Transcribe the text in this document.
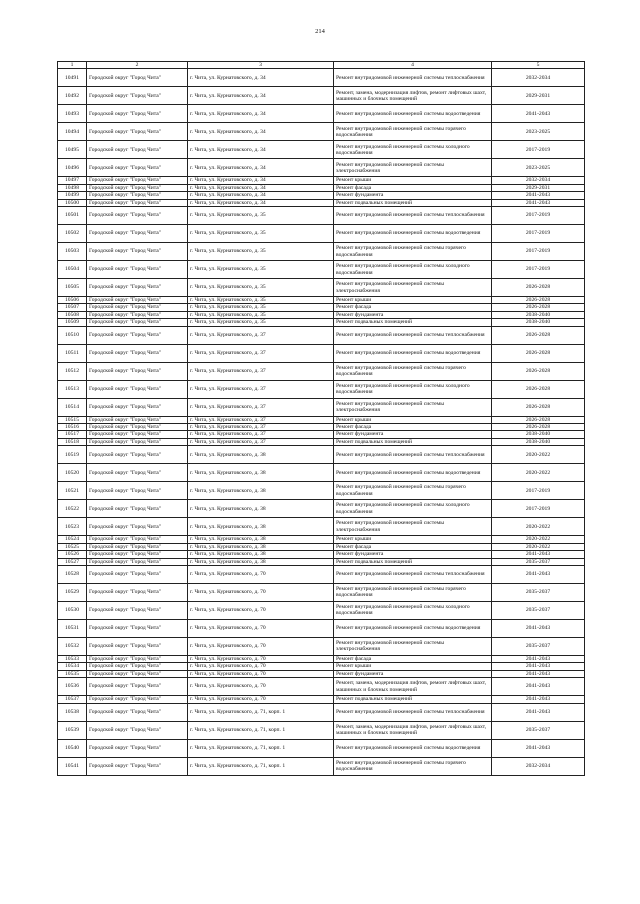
214
1	2	3	4	5
10491	Городской округ "Город Чита"	г. Чита, ул. Курнатовского, д. 34	Ремонт внутридомовой инженерной системы теплоснабжения	2032-2034
10492	Городской округ "Город Чита"	г. Чита, ул. Курнатовского, д. 34	Ремонт, замена, модернизация лифтов, ремонт лифтовых шахт, машинных и блочных помещений	2029-2031
10493	Городской округ "Город Чита"	г. Чита, ул. Курнатовского, д. 34	Ремонт внутридомовой инженерной системы водоотведения	2041-2043
10494	Городской округ "Город Чита"	г. Чита, ул. Курнатовского, д. 34	Ремонт внутридомовой инженерной системы горячего водоснабжения	2023-2025
10495	Городской округ "Город Чита"	г. Чита, ул. Курнатовского, д. 34	Ремонт внутридомовой инженерной системы холодного водоснабжения	2017-2019
10496	Городской округ "Город Чита"	г. Чита, ул. Курнатовского, д. 34	Ремонт внутридомовой инженерной системы электроснабжения	2023-2025
10497	Городской округ "Город Чита"	г. Чита, ул. Курнатовского, д. 34	Ремонт крыши	2032-2034
10498	Городской округ "Город Чита"	г. Чита, ул. Курнатовского, д. 34	Ремонт фасада	2029-2031
10499	Городской округ "Город Чита"	г. Чита, ул. Курнатовского, д. 34	Ремонт фундамента	2041-2043
10500	Городской округ "Город Чита"	г. Чита, ул. Курнатовского, д. 34	Ремонт подвальных помещений	2041-2043
10501	Городской округ "Город Чита"	г. Чита, ул. Курнатовского, д. 35	Ремонт внутридомовой инженерной системы теплоснабжения	2017-2019
10502	Городской округ "Город Чита"	г. Чита, ул. Курнатовского, д. 35	Ремонт внутридомовой инженерной системы водоотведения	2017-2019
10503	Городской округ "Город Чита"	г. Чита, ул. Курнатовского, д. 35	Ремонт внутридомовой инженерной системы горячего водоснабжения	2017-2019
10504	Городской округ "Город Чита"	г. Чита, ул. Курнатовского, д. 35	Ремонт внутридомовой инженерной системы холодного водоснабжения	2017-2019
10505	Городской округ "Город Чита"	г. Чита, ул. Курнатовского, д. 35	Ремонт внутридомовой инженерной системы электроснабжения	2026-2028
10506	Городской округ "Город Чита"	г. Чита, ул. Курнатовского, д. 35	Ремонт крыши	2026-2028
10507	Городской округ "Город Чита"	г. Чита, ул. Курнатовского, д. 35	Ремонт фасада	2026-2028
10508	Городской округ "Город Чита"	г. Чита, ул. Курнатовского, д. 35	Ремонт фундамента	2038-2040
10509	Городской округ "Город Чита"	г. Чита, ул. Курнатовского, д. 35	Ремонт подвальных помещений	2038-2040
10510	Городской округ "Город Чита"	г. Чита, ул. Курнатовского, д. 37	Ремонт внутридомовой инженерной системы теплоснабжения	2026-2028
10511	Городской округ "Город Чита"	г. Чита, ул. Курнатовского, д. 37	Ремонт внутридомовой инженерной системы водоотведения	2026-2028
10512	Городской округ "Город Чита"	г. Чита, ул. Курнатовского, д. 37	Ремонт внутридомовой инженерной системы горячего водоснабжения	2026-2028
10513	Городской округ "Город Чита"	г. Чита, ул. Курнатовского, д. 37	Ремонт внутридомовой инженерной системы холодного водоснабжения	2026-2028
10514	Городской округ "Город Чита"	г. Чита, ул. Курнатовского, д. 37	Ремонт внутридомовой инженерной системы электроснабжения	2026-2028
10515	Городской округ "Город Чита"	г. Чита, ул. Курнатовского, д. 37	Ремонт крыши	2026-2028
10516	Городской округ "Город Чита"	г. Чита, ул. Курнатовского, д. 37	Ремонт фасада	2026-2028
10517	Городской округ "Город Чита"	г. Чита, ул. Курнатовского, д. 37	Ремонт фундамента	2038-2040
10518	Городской округ "Город Чита"	г. Чита, ул. Курнатовского, д. 37	Ремонт подвальных помещений	2038-2040
10519	Городской округ "Город Чита"	г. Чита, ул. Курнатовского, д. 38	Ремонт внутридомовой инженерной системы теплоснабжения	2020-2022
10520	Городской округ "Город Чита"	г. Чита, ул. Курнатовского, д. 38	Ремонт внутридомовой инженерной системы водоотведения	2020-2022
10521	Городской округ "Город Чита"	г. Чита, ул. Курнатовского, д. 38	Ремонт внутридомовой инженерной системы горячего водоснабжения	2017-2019
10522	Городской округ "Город Чита"	г. Чита, ул. Курнатовского, д. 38	Ремонт внутридомовой инженерной системы холодного водоснабжения	2017-2019
10523	Городской округ "Город Чита"	г. Чита, ул. Курнатовского, д. 38	Ремонт внутридомовой инженерной системы электроснабжения	2020-2022
10524	Городской округ "Город Чита"	г. Чита, ул. Курнатовского, д. 38	Ремонт крыши	2020-2022
10525	Городской округ "Город Чита"	г. Чита, ул. Курнатовского, д. 38	Ремонт фасада	2020-2022
10526	Городской округ "Город Чита"	г. Чита, ул. Курнатовского, д. 38	Ремонт фундамента	2041-2043
10527	Городской округ "Город Чита"	г. Чита, ул. Курнатовского, д. 38	Ремонт подвальных помещений	2035-2037
10528	Городской округ "Город Чита"	г. Чита, ул. Курнатовского, д. 70	Ремонт внутридомовой инженерной системы теплоснабжения	2041-2043
10529	Городской округ "Город Чита"	г. Чита, ул. Курнатовского, д. 70	Ремонт внутридомовой инженерной системы горячего водоснабжения	2035-2037
10530	Городской округ "Город Чита"	г. Чита, ул. Курнатовского, д. 70	Ремонт внутридомовой инженерной системы холодного водоснабжения	2035-2037
10531	Городской округ "Город Чита"	г. Чита, ул. Курнатовского, д. 70	Ремонт внутридомовой инженерной системы водоотведения	2041-2043
10532	Городской округ "Город Чита"	г. Чита, ул. Курнатовского, д. 70	Ремонт внутридомовой инженерной системы электроснабжения	2035-2037
10533	Городской округ "Город Чита"	г. Чита, ул. Курнатовского, д. 70	Ремонт фасада	2041-2043
10534	Городской округ "Город Чита"	г. Чита, ул. Курнатовского, д. 70	Ремонт крыши	2041-2043
10535	Городской округ "Город Чита"	г. Чита, ул. Курнатовского, д. 70	Ремонт фундамента	2041-2043
10536	Городской округ "Город Чита"	г. Чита, ул. Курнатовского, д. 70	Ремонт, замена, модернизация лифтов, ремонт лифтовых шахт, машинных и блочных помещений	2041-2043
10537	Городской округ "Город Чита"	г. Чита, ул. Курнатовского, д. 70	Ремонт подвальных помещений	2041-2043
10538	Городской округ "Город Чита"	г. Чита, ул. Курнатовского, д. 71, корп. 1	Ремонт внутридомовой инженерной системы теплоснабжения	2041-2043
10539	Городской округ "Город Чита"	г. Чита, ул. Курнатовского, д. 71, корп. 1	Ремонт, замена, модернизация лифтов, ремонт лифтовых шахт, машинных и блочных помещений	2035-2037
10540	Городской округ "Город Чита"	г. Чита, ул. Курнатовского, д. 71, корп. 1	Ремонт внутридомовой инженерной системы водоотведения	2041-2043
10541	Городской округ "Город Чита"	г. Чита, ул. Курнатовского, д. 71, корп. 1	Ремонт внутридомовой инженерной системы горячего водоснабжения	2032-2034
